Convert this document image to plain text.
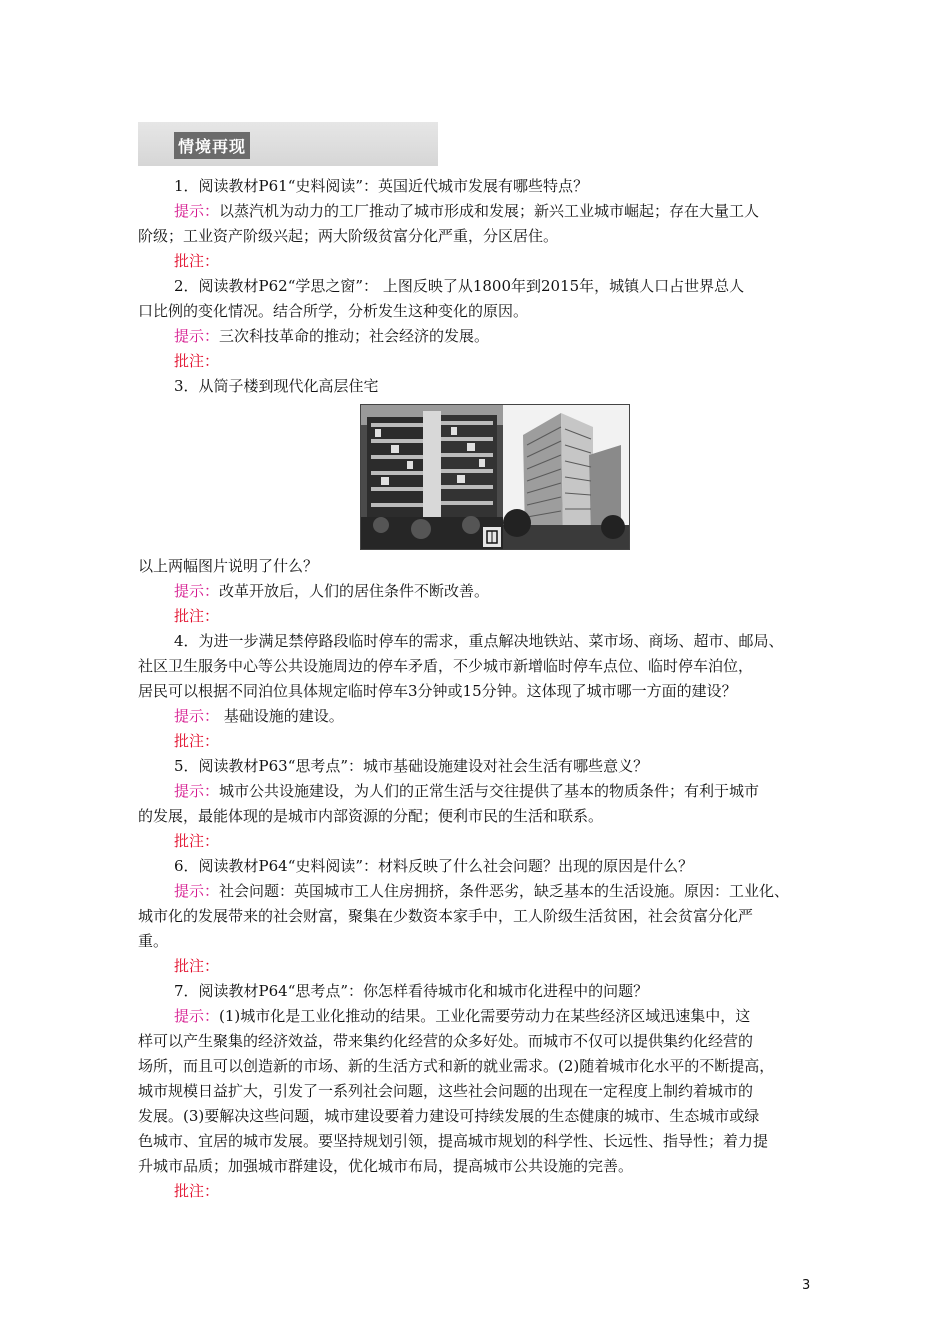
情境再现

1．阅读教材P61“史料阅读”：英国近代城市发展有哪些特点？

提示：以蒸汽机为动力的工厂推动了城市形成和发展；新兴工业城市崛起；存在大量工人

阶级；工业资产阶级兴起；两大阶级贫富分化严重，分区居住。

批注：

2．阅读教材P62“学思之窗”： 上图反映了从1800年到2015年，城镇人口占世界总人

口比例的变化情况。结合所学，分析发生这种变化的原因。

提示：三次科技革命的推动；社会经济的发展。

批注：

3．从筒子楼到现代化高层住宅

以上两幅图片说明了什么？

提示：改革开放后，人们的居住条件不断改善。

批注：

4．为进一步满足禁停路段临时停车的需求，重点解决地铁站、菜市场、商场、超市、邮局、

社区卫生服务中心等公共设施周边的停车矛盾，不少城市新增临时停车点位、临时停车泊位，

居民可以根据不同泊位具体规定临时停车3分钟或15分钟。这体现了城市哪一方面的建设？

提示： 基础设施的建设。

批注：

5．阅读教材P63“思考点”：城市基础设施建设对社会生活有哪些意义？

提示：城市公共设施建设，为人们的正常生活与交往提供了基本的物质条件；有利于城市

的发展，最能体现的是城市内部资源的分配；便利市民的生活和联系。

批注：

6．阅读教材P64“史料阅读”：材料反映了什么社会问题？出现的原因是什么？

提示：社会问题：英国城市工人住房拥挤，条件恶劣，缺乏基本的生活设施。原因：工业化、

城市化的发展带来的社会财富，聚集在少数资本家手中，工人阶级生活贫困，社会贫富分化严

重。

批注：

7．阅读教材P64“思考点”：你怎样看待城市化和城市化进程中的问题？

提示：(1)城市化是工业化推动的结果。工业化需要劳动力在某些经济区域迅速集中，这

样可以产生聚集的经济效益，带来集约化经营的众多好处。而城市不仅可以提供集约化经营的

场所，而且可以创造新的市场、新的生活方式和新的就业需求。(2)随着城市化水平的不断提高，

城市规模日益扩大，引发了一系列社会问题，这些社会问题的出现在一定程度上制约着城市的

发展。(3)要解决这些问题，城市建设要着力建设可持续发展的生态健康的城市、生态城市或绿

色城市、宜居的城市发展。要坚持规划引领，提高城市规划的科学性、长远性、指导性；着力提

升城市品质；加强城市群建设，优化城市布局，提高城市公共设施的完善。

批注：

3
